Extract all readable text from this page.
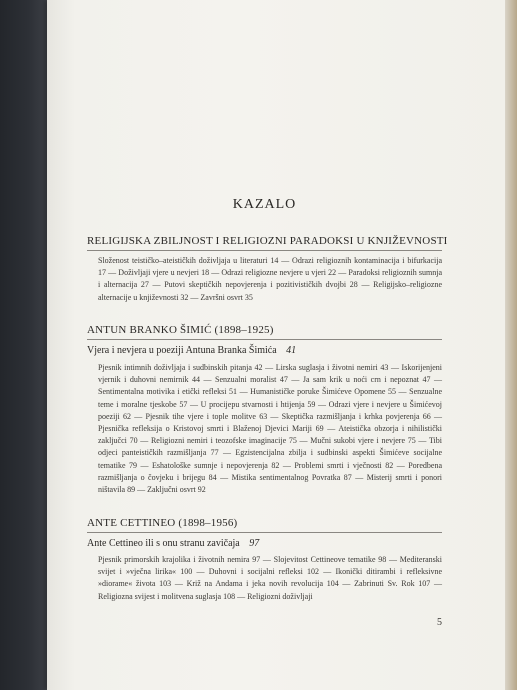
KAZALO
RELIGIJSKA ZBILJNOST I RELIGIOZNI PARADOKSI U KNJIŽEVNOSTI
Složenost teističko–ateističkih doživljaja u literaturi 14 — Odrazi religioznih kontaminacija i bifurkacija 17 — Doživljaji vjere u nevjeri 18 — Odrazi religiozne nevjere u vjeri 22 — Paradoksi religioznih sumnja i alternacija 27 — Putovi skeptičkih nepovjerenja i pozitivističkih dvojbi 28 — Religijsko–religiozne alternacije u književnosti 32 — Završni osvrt 35
ANTUN BRANKO ŠIMIĆ (1898–1925)
Vjera i nevjera u poeziji Antuna Branka Šimića 41
Pjesnik intimnih doživljaja i sudbinskih pitanja 42 — Lirska suglasja i životni nemiri 43 — Iskorijenjeni vjernik i duhovni nemirnik 44 — Senzualni moralist 47 — Ja sam krik u noći crn i nepoznat 47 — Sentimentalna motivika i etički refleksi 51 — Humanističke poruke Šimićeve Opomene 55 — Senzualne teme i moralne tjeskobe 57 — U procijepu stvarnosti i htijenja 59 — Odrazi vjere i nevjere u Šimićevoj poeziji 62 — Pjesnik tihe vjere i tople molitve 63 — Skeptička razmišljanja i krhka povjerenja 66 — Pjesnička refleksija o Kristovoj smrti i Blaženoj Djevici Mariji 69 — Ateistička obzorja i nihilistički zaključci 70 — Religiozni nemiri i teozofske imaginacije 75 — Mučni sukobi vjere i nevjere 75 — Tibi odjeci panteističkih razmišljanja 77 — Egzistencijalna zbilja i sudbinski aspekti Šimićeve socijalne tematike 79 — Eshatološke sumnje i nepovjerenja 82 — Problemi smrti i vječnosti 82 — Poredbena razmišljanja o čovjeku i brijegu 84 — Mistika sentimentalnog Povratka 87 — Misterij smrti i ponori ništavila 89 — Zaključni osvrt 92
ANTE CETTINEO (1898–1956)
Ante Cettineo ili s onu stranu zavičaja 97
Pjesnik primorskih krajolika i životnih nemira 97 — Slojevitost Cettineove tematike 98 — Mediteranski svijet i »vječna lirika« 100 — Duhovni i socijalni refleksi 102 — Ikonički ditirambi i refleksivne »diorame« života 103 — Križ na Andama i jeka novih revolucija 104 — Zabrinuti Sv. Rok 107 — Religiozna svijest i molitvena suglasja 108 — Religiozni doživljaji
5
